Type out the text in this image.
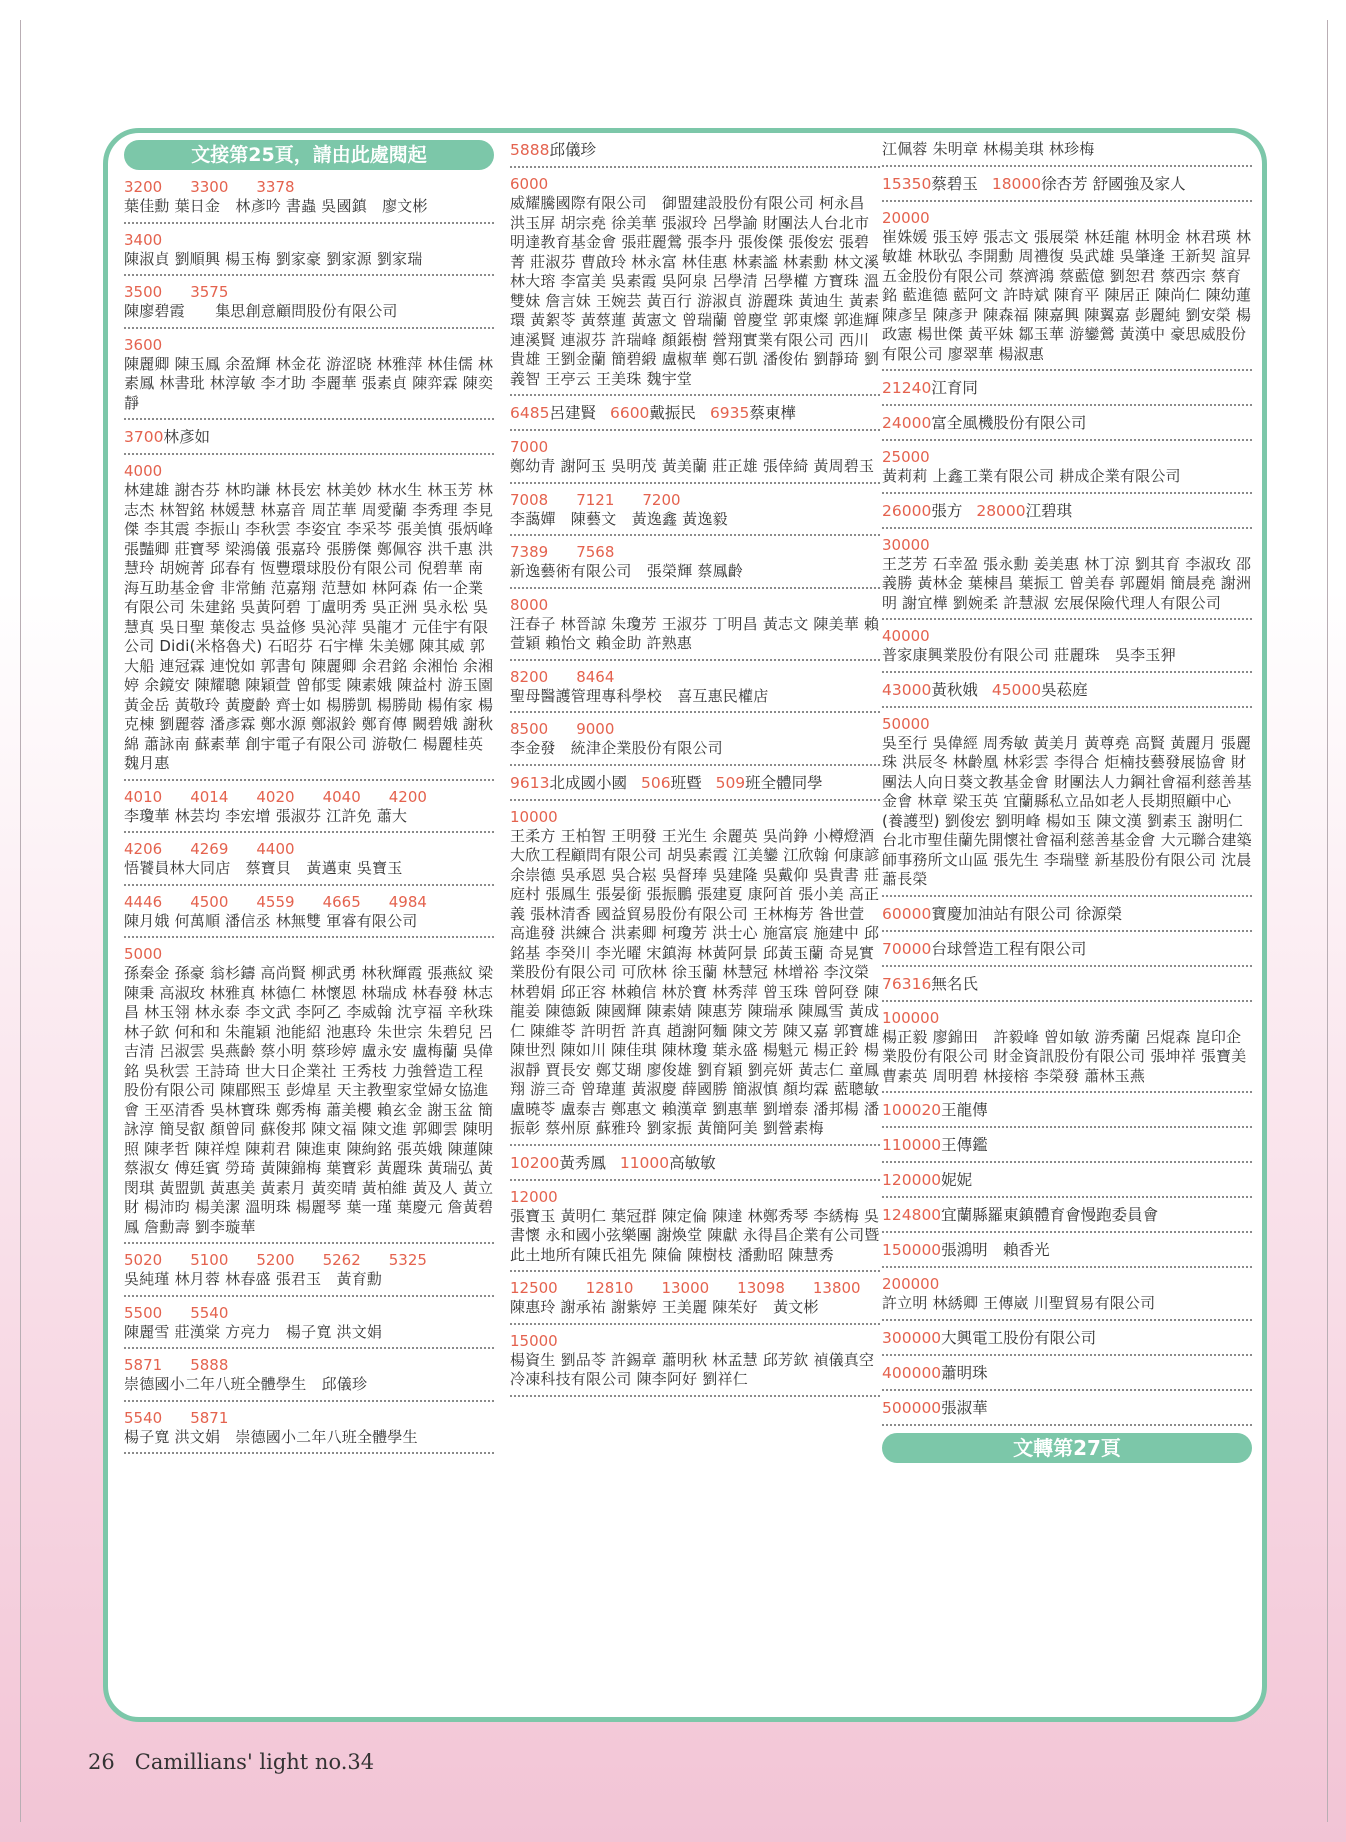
文接第25頁，請由此處閱起
3200 3300 3378
葉佳勳 葉日金　林彥吟 書蟲 吳國鎮　廖文彬
3400
陳淑貞 劉順興 楊玉梅 劉家豪 劉家源 劉家瑞
3500 3575
陳廖碧霞　　集思創意顧問股份有限公司
3600
陳麗卿 陳玉鳳 余盈輝 林金花 游涩晓 林雅萍 林佳儒 林素鳳 林書玭 林淳敏 李才助 李麗華 張素貞 陳弈霖 陳奕靜
3700林彥如
4000
林建雄 謝杏芬 林昀謙 林長宏 林美妙 林水生 林玉芳 林志杰 林智銘 林媛慧 林嘉音 周芷華 周愛蘭 李秀理 李見傑 李其震 李振山 李秋雲 李姿宜 李采芩 張美慎 張炳峰 張豔卿 莊寶琴 梁鴻儀 張嘉玲 張勝傑 鄭佩容 洪千惠 洪慧玲 胡婉菁 邱春有 恆豐環球股份有限公司 倪碧華 南海互助基金會 非常鮪 范嘉翔 范慧如 林阿森 佑一企業有限公司 朱建銘 吳黃阿碧 丁盧明秀 吳正洲 吳永松 吳慧真 吳日聖 葉俊志 吳益修 吳沁萍 吳龍才 元佳宇有限公司 Didi(米格魯犬) 石昭芬 石宇樺 朱美娜 陳其威 郭大船 連冠霖 連悅如 郭書旬 陳麗卿 余君銘 余湘怡 余湘婷 余鏡安 陳耀聰 陳穎萱 曾郁雯 陳素娥 陳益村 游玉園 黃金岳 黃敬玲 黃慶齡 齊士如 楊勝凱 楊勝勛 楊侑家 楊克棟 劉麗蓉 潘彥霖 鄭水源 鄭淑鈴 鄭育傳 闕碧娥 謝秋綿 蕭詠南 蘇素華 創宇電子有限公司 游敬仁 楊麗桂英 魏月惠
4010 4014 4020 4040 4200
李瓊華 林芸均 李宏增 張淑芬 江許免 蕭大
4206 4269 4400
悟饕員林大同店　蔡寶貝　黃邁東 吳寶玉
4446 4500 4559 4665 4984
陳月娥 何萬順 潘信丞 林無雙 軍睿有限公司
5000
孫秦金 孫豪 翁杉鑄 高尚賢 柳武勇 林秋輝霞 張燕紋 梁陳秉 高淑玫 林雅真 林德仁 林懷恩 林瑞成 林春發 林志昌 林玉翎 林永泰 李文武 李阿乙 李威翰 沈亨福 辛秋珠 林子欽 何和和 朱龍穎 池能紹 池惠玲 朱世宗 朱碧兒 呂吉清 呂淑雲 吳燕齡 蔡小明 蔡珍婷 盧永安 盧梅蘭 吳偉銘 吳秋雲 王詩琦 世大日企業社 王秀枝 力強營造工程股份有限公司 陳郿熙玉 彭煒星 天主教聖家堂婦女協進會 王巫清香 吳林寶珠 鄭秀梅 蕭美櫻 賴玄金 謝玉盆 簡詠淳 簡旻叡 顏曾同 蘇俊邦 陳文福 陳文進 郭卿雲 陳明照 陳孝哲 陳祥煌 陳莉君 陳進東 陳絢銘 張英娥 陳蓮陳 蔡淑女 傅廷賓 勞琦 黃陳錦梅 葉寶彩 黃麗珠 黃瑞弘 黃閔琪 黃盟凱 黃惠美 黃素月 黃奕晴 黃柏維 黃及人 黃立財 楊沛昀 楊美潔 溫明珠 楊麗琴 葉一瑾 葉慶元 詹黃碧鳳 詹勳壽 劉李璇華
5020 5100 5200 5262 5325
吳純瑾 林月蓉 林春盛 張君玉　黃育勳
5500 5540
陳麗雪 莊漢棠 方亮力　楊子寬 洪文娟
5871 5888
崇德國小二年八班全體學生　邱儀珍
5540 5871
楊子寬 洪文娟　崇德國小二年八班全體學生
5888邱儀珍
6000
威耀騰國際有限公司　御盟建設股份有限公司 柯永昌 洪玉屏 胡宗堯 徐美華 張淑玲 呂學諭 財團法人台北市明達教育基金會 張莊麗鶯 張李丹 張俊傑 張俊宏 張碧菁 莊淑芬 曹啟玲 林永富 林佳惠 林素謐 林素勳 林文溪 林大瑢 李富美 吳素霞 吳阿泉 呂學清 呂學權 方寶珠 溫雙妹 詹言妹 王婉芸 黃百行 游淑貞 游麗珠 黃迪生 黃素環 黃絮苓 黃蔡蓮 黃憲文 曾瑞蘭 曾慶堂 郭東燦 郭進輝 連溪賢 連淑芬 許瑞峰 顏鋹樹 營翔實業有限公司 西川貴雄 王劉金蘭 簡碧緞 盧椒華 鄭石凱 潘俊佑 劉靜琦 劉義智 王亭云 王美珠 魏宇堂
6485呂建賢 6600戴振民 6935蔡東樺
7000
鄭幼青 謝阿玉 吳明茂 黃美蘭 莊正雄 張倖綺 黃周碧玉
7008 7121 7200
李藹嬋　陳藝文　黃逸鑫 黃逸毅
7389 7568
新逸藝術有限公司　張榮輝 蔡鳳齡
8000
汪春子 林晉諒 朱瓊芳 王淑芬 丁明昌 黃志文 陳美華 賴萱穎 賴怡文 賴金助 許熟惠
8200 8464
聖母醫護管理專科學校　喜互惠民權店
8500 9000
李金發　統津企業股份有限公司
9613北成國小國 506班暨 509班全體同學
10000
王柔方 王柏智 王明發 王光生 余麗英 吳尚錚 小樽燈酒 大欣工程顧問有限公司 胡吳素霞 江美鑾 江欣翰 何康諺 余崇德 吳承恩 吳合崧 吳督琫 吳建隆 吳戴仰 吳貴書 莊庭村 張鳳生 張晏銜 張振鵬 張建夏 康阿首 張小美 高正義 張林清香 國益貿易股份有限公司 王林梅芳 昝世萱 高進發 洪練合 洪素卿 柯瓊芳 洪士心 施富宸 施建中 邱銘基 李癸川 李光曜 宋鎮海 林黃阿景 邱黃玉蘭 奇晃實業股份有限公司 可欣林 徐玉蘭 林慧冠 林增裕 李汶榮 林碧娟 邱正容 林賴信 林於寶 林秀萍 曾玉珠 曾阿登 陳龍姜 陳德鈑 陳國輝 陳素婧 陳惠芳 陳瑞承 陳鳳雪 黃成仁 陳維苓 許明哲 許真 趙謝阿麵 陳文芳 陳又嘉 郭寶雄 陳世烈 陳如川 陳佳琪 陳林瓊 葉永盛 楊魁元 楊正鈴 楊淑靜 賈長安 鄭艾瑚 廖俊雄 劉育穎 劉亮妍 黃志仁 童鳳翔 游三奇 曾瑋蓮 黃淑慶 薛國勝 簡淑慎 顏均霖 藍聰敏 盧曉苓 盧泰吉 鄭惠文 賴漢章 劉惠華 劉增泰 潘邦楊 潘振彰 蔡州原 蘇雅玲 劉家振 黃簡阿美 劉營素梅
10200黃秀鳳 11000高敏敏
12000
張寶玉 黃明仁 葉冠群 陳定倫 陳達 林鄭秀琴 李綉梅 吳書懷 永和國小弦樂團 謝煥堂 陳獻 永得昌企業有公司暨此土地所有陳氏祖先 陳倫 陳樹枝 潘勳昭 陳慧秀
12500 12810 13000 13098 13800
陳惠玲 謝承祐 謝紫婷 王美麗 陳茱好　黃文彬
15000
楊資生 劉品苓 許錫章 蕭明秋 林孟慧 邱芳欽 禎儀真空冷凍科技有限公司 陳李阿好 劉祥仁
江佩蓉 朱明章 林楊美琪 林珍梅
15350蔡碧玉 18000徐杏芳 舒國強及家人
20000
崔姝媛 張玉婷 張志文 張展榮 林廷龍 林明金 林君瑛 林敏雄 林耿弘 李開勳 周禮復 吳武雄 吳肇逢 王新契 誼昇五金股份有限公司 蔡濟鴻 蔡藍億 劉恕君 蔡西宗 蔡育銘 藍進德 藍阿文 許時斌 陳育平 陳居正 陳尚仁 陳幼蓮 陳彥呈 陳彥尹 陳森福 陳嘉興 陳翼嘉 彭麗純 劉安榮 楊政憲 楊世傑 黃平妹 鄒玉華 游鑾鶯 黃漢中 豪思威股份有限公司 廖翠華 楊淑惠
21240江育同
24000富全風機股份有限公司
25000
黃莉莉 上鑫工業有限公司 耕成企業有限公司
26000張方 28000江碧琪
30000
王芝芳 石幸盈 張永勳 姜美惠 林丁涼 劉其育 李淑玫 邵義勝 黃林金 葉棟昌 葉振工 曾美春 郭麗娟 簡晨堯 謝洲明 謝宜樺 劉婉柔 許慧淑 宏展保險代理人有限公司
40000
普家康興業股份有限公司 莊麗珠　吳李玉狎
43000黃秋娥 45000吳菘庭
50000
吳至行 吳偉經 周秀敏 黃美月 黃尊堯 高賢 黃麗月 張麗珠 洪辰冬 林齡凰 林彩雲 李得合 炬楠技藝發展協會 財團法人向日葵文教基金會 財團法人力鋼社會福利慈善基金會 林章 梁玉英 宜蘭縣私立品如老人長期照顧中心(養護型) 劉俊宏 劉明峰 楊如玉 陳文漢 劉素玉 謝明仁 台北市聖佳蘭先開懷社會福利慈善基金會 大元聯合建築師事務所文山區 張先生 李瑞璧 新基股份有限公司 沈晨 蕭長榮
60000寶慶加油站有限公司 徐源榮
70000台球營造工程有限公司
76316無名氏
100000
楊正毅 廖錦田　許毅峰 曾如敏 游秀蘭 呂焜森 崑印企業股份有限公司 財金資訊股份有限公司 張坤祥 張寶美 曹素英 周明碧 林接榕 李榮發 蕭林玉燕
100020王龍傳
110000王傳鑑
120000妮妮
124800宜蘭縣羅東鎮體育會慢跑委員會
150000張鴻明　賴香光
200000
許立明 林綉卿 王傳崴 川聖貿易有限公司
300000大興電工股份有限公司
400000蕭明珠
500000張淑華
文轉第27頁
26 Camillians' light no.34
